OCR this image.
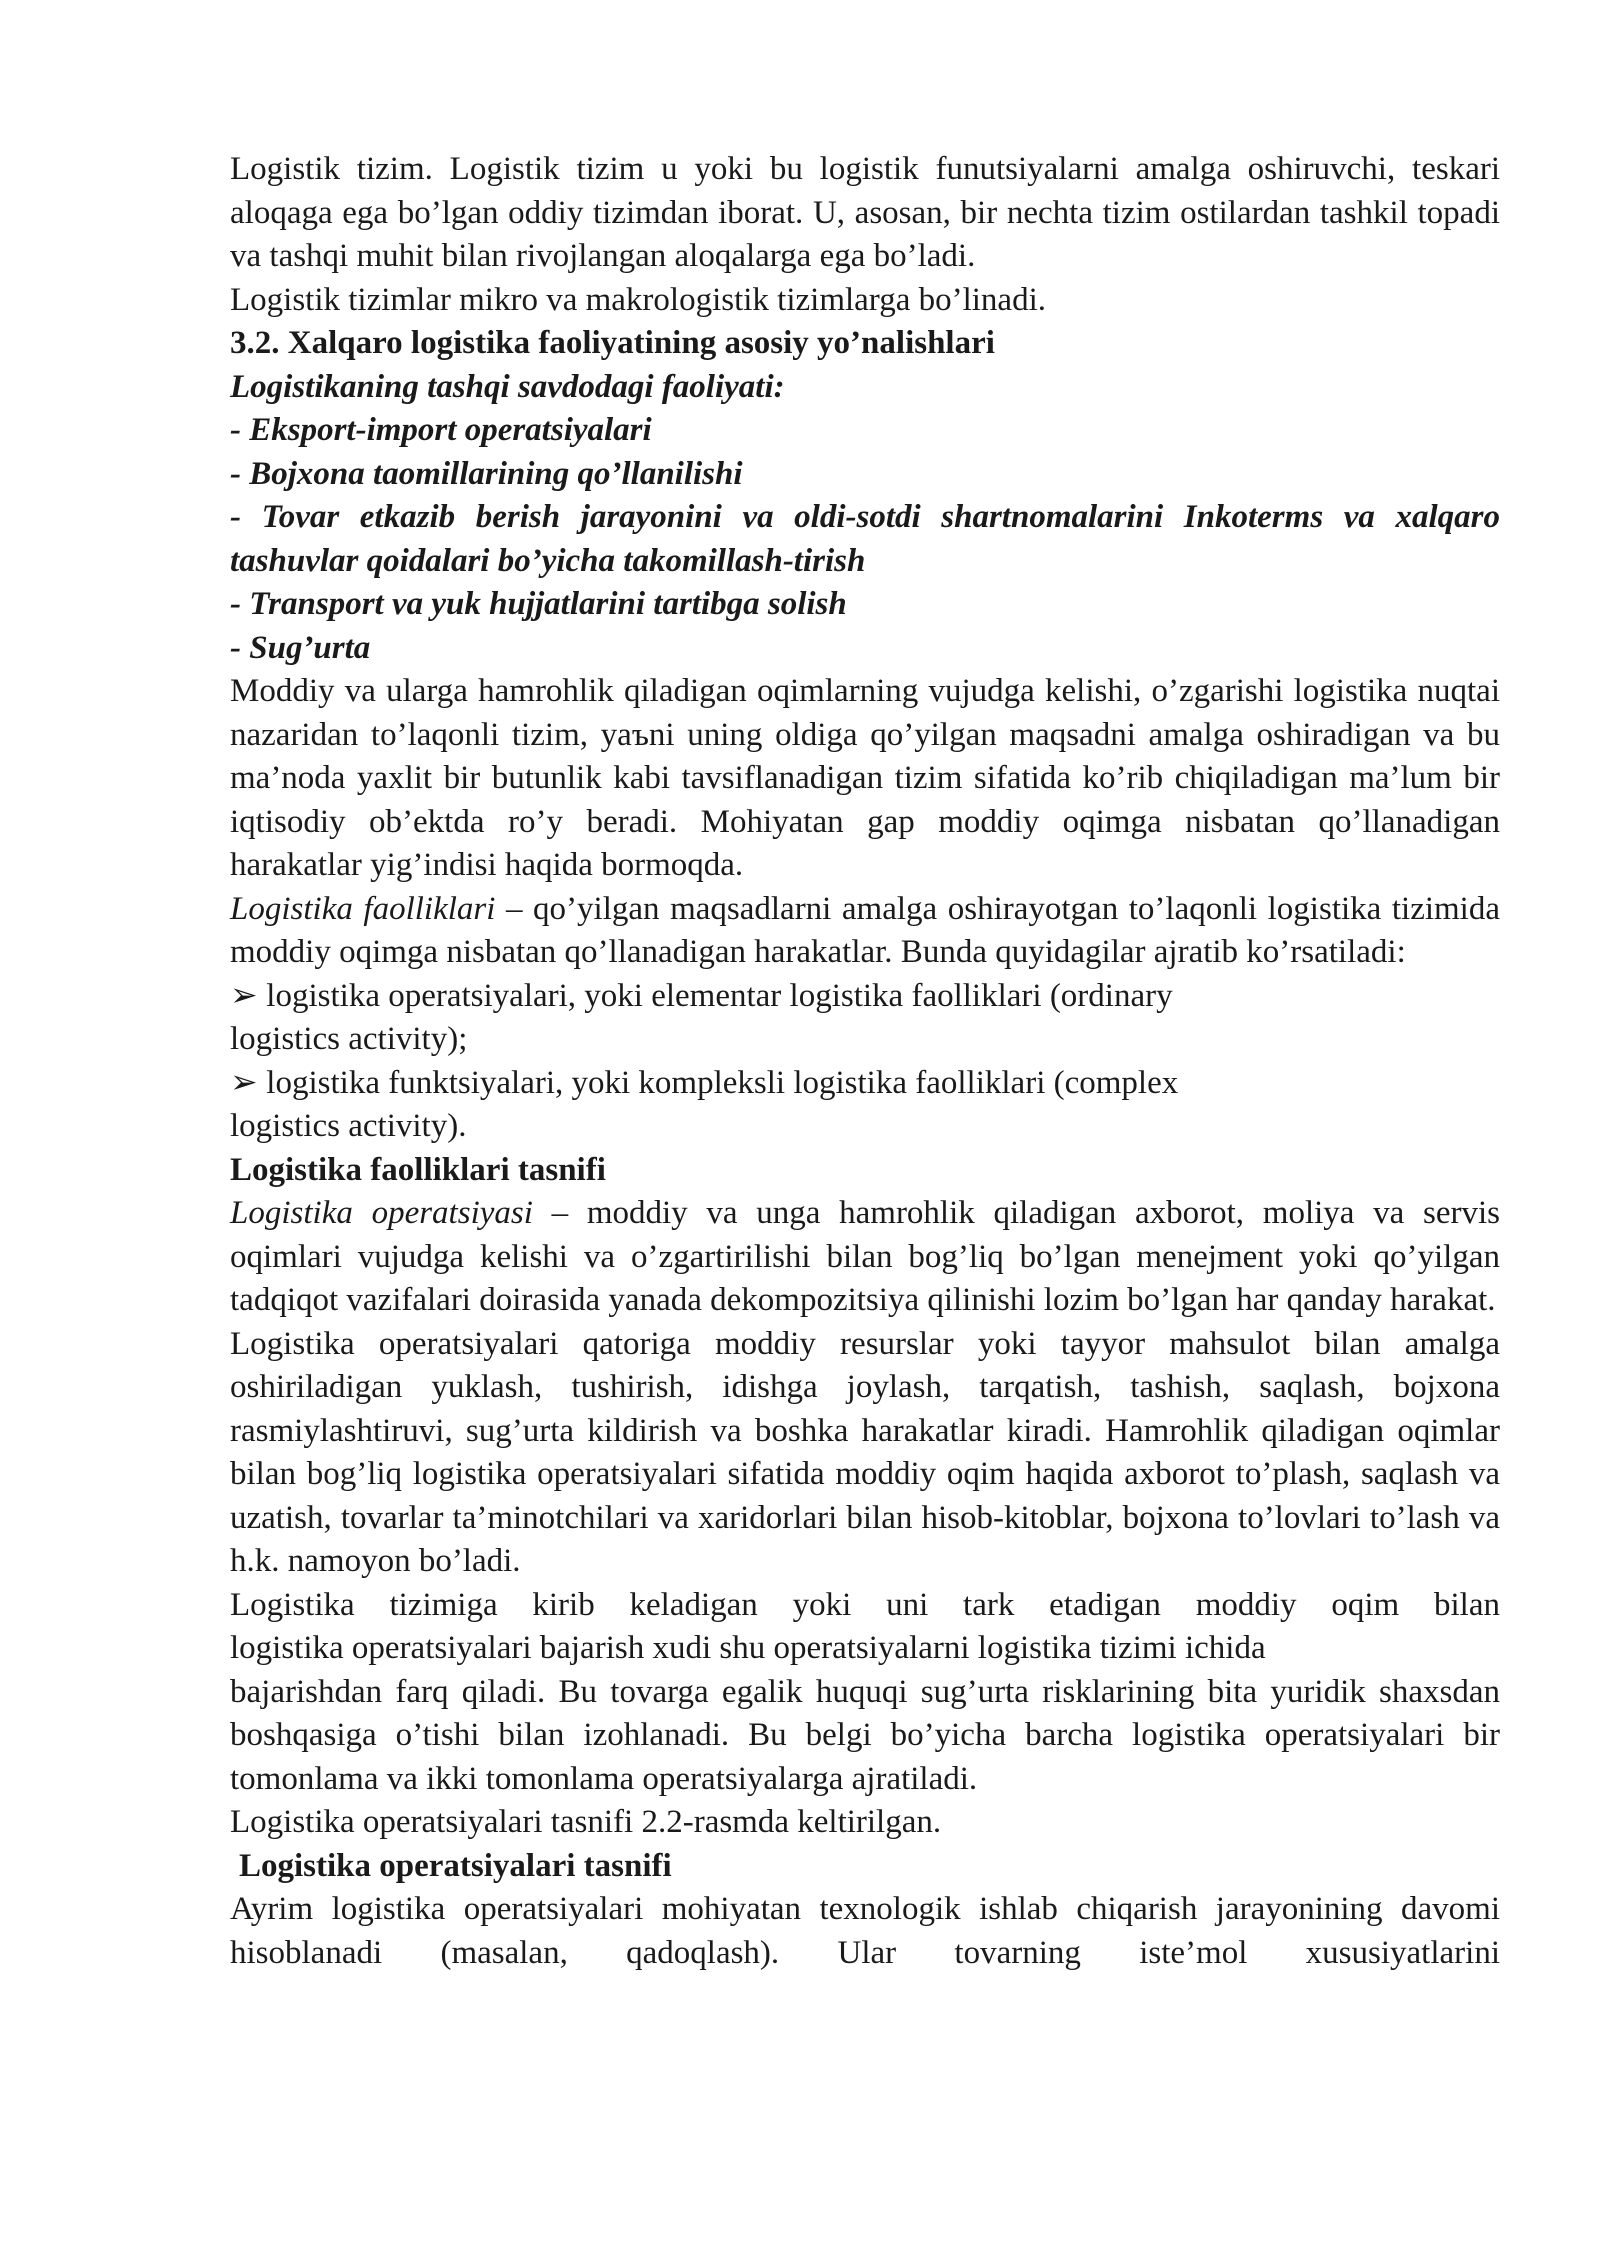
Logistik tizim. Logistik tizim u yoki bu logistik funutsiyalarni amalga oshiruvchi, teskari aloqaga ega bo’lgan oddiy tizimdan iborat. U, asosan, bir nechta tizim ostilardan tashkil topadi va tashqi muhit bilan rivojlangan aloqalarga ega bo’ladi.

Logistik tizimlar mikro va makrologistik tizimlarga bo’linadi.

3.2. Xalqaro logistika faoliyatining asosiy yo’nalishlari

Logistikaning tashqi savdodagi faoliyati:

- Eksport-import operatsiyalari

- Bojxona taomillarining qo’llanilishi

- Tovar etkazib berish jarayonini va oldi-sotdi shartnomalarini Inkoterms va xalqaro tashuvlar qoidalari bo’yicha takomillash-tirish

- Transport va yuk hujjatlarini tartibga solish

- Sug’urta

Moddiy va ularga hamrohlik qiladigan oqimlarning vujudga kelishi, o’zgarishi logistika nuqtai nazaridan to’laqonli tizim, yaъni uning oldiga qo’yilgan maqsadni amalga oshiradigan va bu ma’noda yaxlit bir butunlik kabi tavsiflanadigan tizim sifatida ko’rib chiqiladigan ma’lum bir iqtisodiy ob’ektda ro’y beradi. Mohiyatan gap moddiy oqimga nisbatan qo’llanadigan harakatlar yig’indisi haqida bormoqda.

Logistika faolliklari – qo’yilgan maqsadlarni amalga oshirayotgan to’laqonli logistika tizimida moddiy oqimga nisbatan qo’llanadigan harakatlar. Bunda quyidagilar ajratib ko’rsatiladi:

➢ logistika operatsiyalari, yoki elementar logistika faolliklari (ordinary
logistics activity);
➢ logistika funktsiyalari, yoki kompleksli logistika faolliklari (complex
logistics activity).

Logistika faolliklari tasnifi

Logistika operatsiyasi – moddiy va unga hamrohlik qiladigan axborot, moliya va servis oqimlari vujudga kelishi va o’zgartirilishi bilan bog’liq bo’lgan menejment yoki qo’yilgan tadqiqot vazifalari doirasida yanada dekompozitsiya qilinishi lozim bo’lgan har qanday harakat.

Logistika operatsiyalari qatoriga moddiy resurslar yoki tayyor mahsulot bilan amalga oshiriladigan yuklash, tushirish, idishga joylash, tarqatish, tashish, saqlash, bojxona rasmiylashtiruvi, sug’urta kildirish va boshka harakatlar kiradi. Hamrohlik qiladigan oqimlar bilan bog’liq logistika operatsiyalari sifatida moddiy oqim haqida axborot to’plash, saqlash va uzatish, tovarlar ta’minotchilari va xaridorlari bilan hisob-kitoblar, bojxona to’lovlari to’lash va h.k. namoyon bo’ladi.

Logistika tizimiga kirib keladigan yoki uni tark etadigan moddiy oqim bilan
logistika operatsiyalari bajarish xudi shu operatsiyalarni logistika tizimi ichida
bajarishdan farq qiladi. Bu tovarga egalik huquqi sug’urta risklarining bita yuridik shaxsdan boshqasiga o’tishi bilan izohlanadi. Bu belgi bo’yicha barcha logistika operatsiyalari bir tomonlama va ikki tomonlama operatsiyalarga ajratiladi.

Logistika operatsiyalari tasnifi 2.2-rasmda keltirilgan.

Logistika operatsiyalari tasnifi

Ayrim logistika operatsiyalari mohiyatan texnologik ishlab chiqarish jarayonining davomi hisoblanadi (masalan, qadoqlash). Ular tovarning iste’mol xususiyatlarini
